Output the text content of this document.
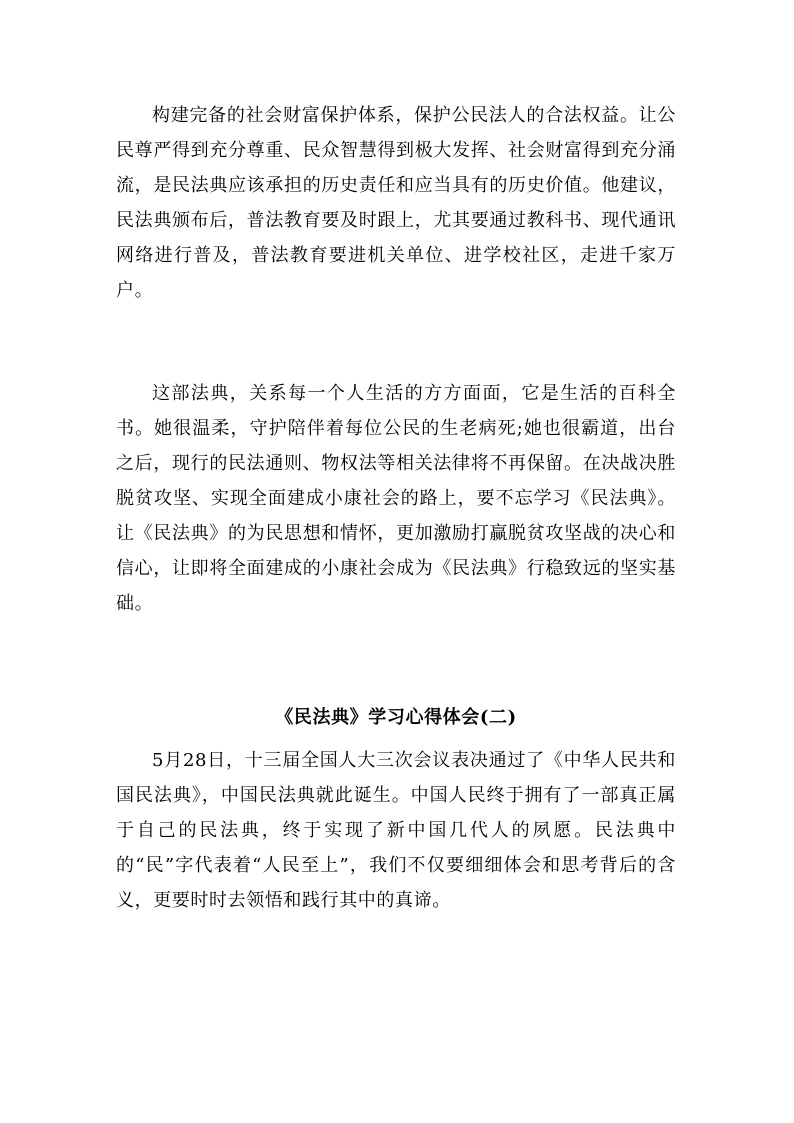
构建完备的社会财富保护体系，保护公民法人的合法权益。让公民尊严得到充分尊重、民众智慧得到极大发挥、社会财富得到充分涌流，是民法典应该承担的历史责任和应当具有的历史价值。他建议，民法典颁布后，普法教育要及时跟上，尤其要通过教科书、现代通讯网络进行普及，普法教育要进机关单位、进学校社区，走进千家万户。

这部法典，关系每一个人生活的方方面面，它是生活的百科全书。她很温柔，守护陪伴着每位公民的生老病死;她也很霸道，出台之后，现行的民法通则、物权法等相关法律将不再保留。在决战决胜脱贫攻坚、实现全面建成小康社会的路上，要不忘学习《民法典》。让《民法典》的为民思想和情怀，更加激励打赢脱贫攻坚战的决心和信心，让即将全面建成的小康社会成为《民法典》行稳致远的坚实基础。

《民法典》学习心得体会(二)

5月28日，十三届全国人大三次会议表决通过了《中华人民共和国民法典》，中国民法典就此诞生。中国人民终于拥有了一部真正属于自己的民法典，终于实现了新中国几代人的夙愿。民法典中的“民”字代表着“人民至上”，我们不仅要细细体会和思考背后的含义，更要时时去领悟和践行其中的真谛。
